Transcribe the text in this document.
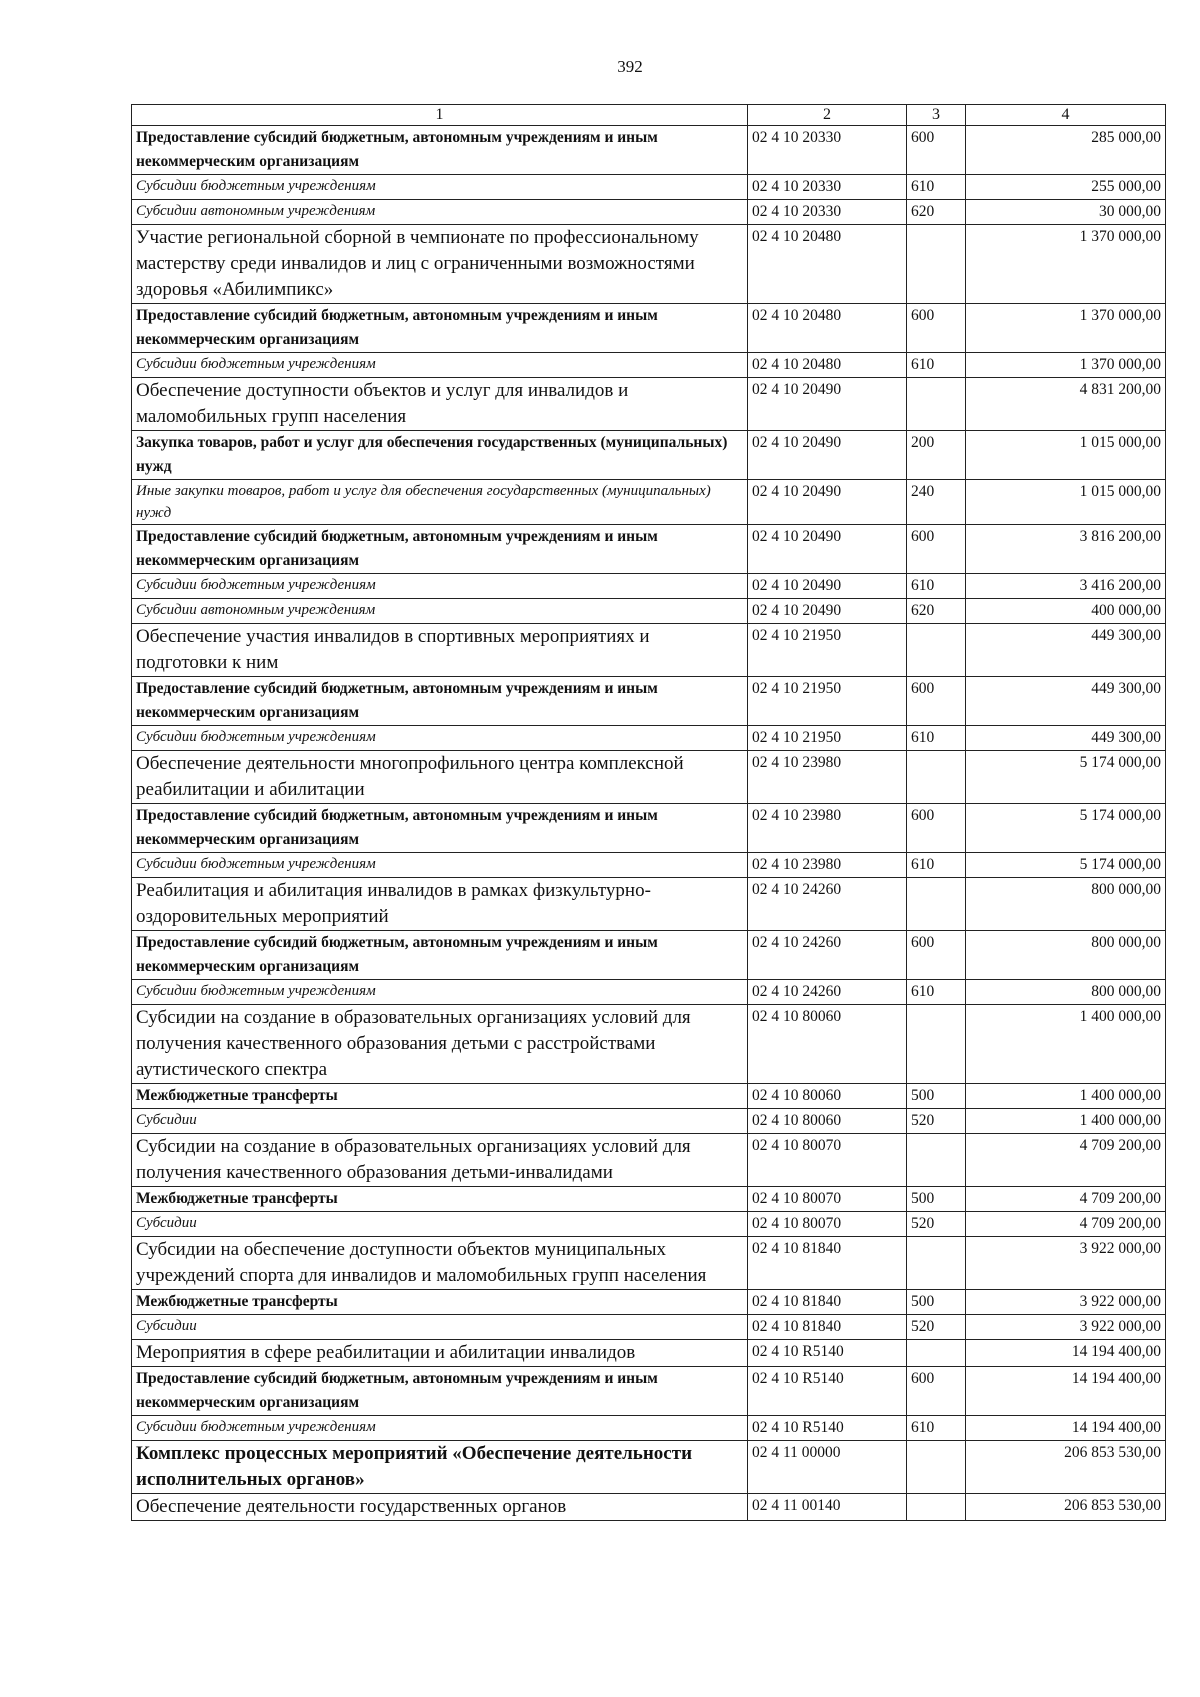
392
1	2	3	4
Предоставление субсидий бюджетным, автономным учреждениям и иным некоммерческим организациям	02 4 10 20330	600	285 000,00
Субсидии бюджетным учреждениям	02 4 10 20330	610	255 000,00
Субсидии автономным учреждениям	02 4 10 20330	620	30 000,00
Участие региональной сборной в чемпионате по профессиональному мастерству среди инвалидов и лиц с ограниченными возможностями здоровья «Абилимпикс»	02 4 10 20480		1 370 000,00
Предоставление субсидий бюджетным, автономным учреждениям и иным некоммерческим организациям	02 4 10 20480	600	1 370 000,00
Субсидии бюджетным учреждениям	02 4 10 20480	610	1 370 000,00
Обеспечение доступности объектов и услуг для инвалидов и маломобильных групп населения	02 4 10 20490		4 831 200,00
Закупка товаров, работ и услуг для обеспечения государственных (муниципальных) нужд	02 4 10 20490	200	1 015 000,00
Иные закупки товаров, работ и услуг для обеспечения государственных (муниципальных) нужд	02 4 10 20490	240	1 015 000,00
Предоставление субсидий бюджетным, автономным учреждениям и иным некоммерческим организациям	02 4 10 20490	600	3 816 200,00
Субсидии бюджетным учреждениям	02 4 10 20490	610	3 416 200,00
Субсидии автономным учреждениям	02 4 10 20490	620	400 000,00
Обеспечение участия инвалидов в спортивных мероприятиях и подготовки к ним	02 4 10 21950		449 300,00
Предоставление субсидий бюджетным, автономным учреждениям и иным некоммерческим организациям	02 4 10 21950	600	449 300,00
Субсидии бюджетным учреждениям	02 4 10 21950	610	449 300,00
Обеспечение деятельности многопрофильного центра комплексной реабилитации и абилитации	02 4 10 23980		5 174 000,00
Предоставление субсидий бюджетным, автономным учреждениям и иным некоммерческим организациям	02 4 10 23980	600	5 174 000,00
Субсидии бюджетным учреждениям	02 4 10 23980	610	5 174 000,00
Реабилитация и абилитация инвалидов в рамках физкультурно-оздоровительных мероприятий	02 4 10 24260		800 000,00
Предоставление субсидий бюджетным, автономным учреждениям и иным некоммерческим организациям	02 4 10 24260	600	800 000,00
Субсидии бюджетным учреждениям	02 4 10 24260	610	800 000,00
Субсидии на создание в образовательных организациях условий для получения качественного образования детьми с расстройствами аутистического спектра	02 4 10 80060		1 400 000,00
Межбюджетные трансферты	02 4 10 80060	500	1 400 000,00
Субсидии	02 4 10 80060	520	1 400 000,00
Субсидии на создание в образовательных организациях условий для получения качественного образования детьми-инвалидами	02 4 10 80070		4 709 200,00
Межбюджетные трансферты	02 4 10 80070	500	4 709 200,00
Субсидии	02 4 10 80070	520	4 709 200,00
Субсидии на обеспечение доступности объектов муниципальных учреждений спорта для инвалидов и маломобильных групп населения	02 4 10 81840		3 922 000,00
Межбюджетные трансферты	02 4 10 81840	500	3 922 000,00
Субсидии	02 4 10 81840	520	3 922 000,00
Мероприятия в сфере реабилитации и абилитации инвалидов	02 4 10 R5140		14 194 400,00
Предоставление субсидий бюджетным, автономным учреждениям и иным некоммерческим организациям	02 4 10 R5140	600	14 194 400,00
Субсидии бюджетным учреждениям	02 4 10 R5140	610	14 194 400,00
Комплекс процессных мероприятий «Обеспечение деятельности исполнительных органов»	02 4 11 00000		206 853 530,00
Обеспечение деятельности государственных органов	02 4 11 00140		206 853 530,00
